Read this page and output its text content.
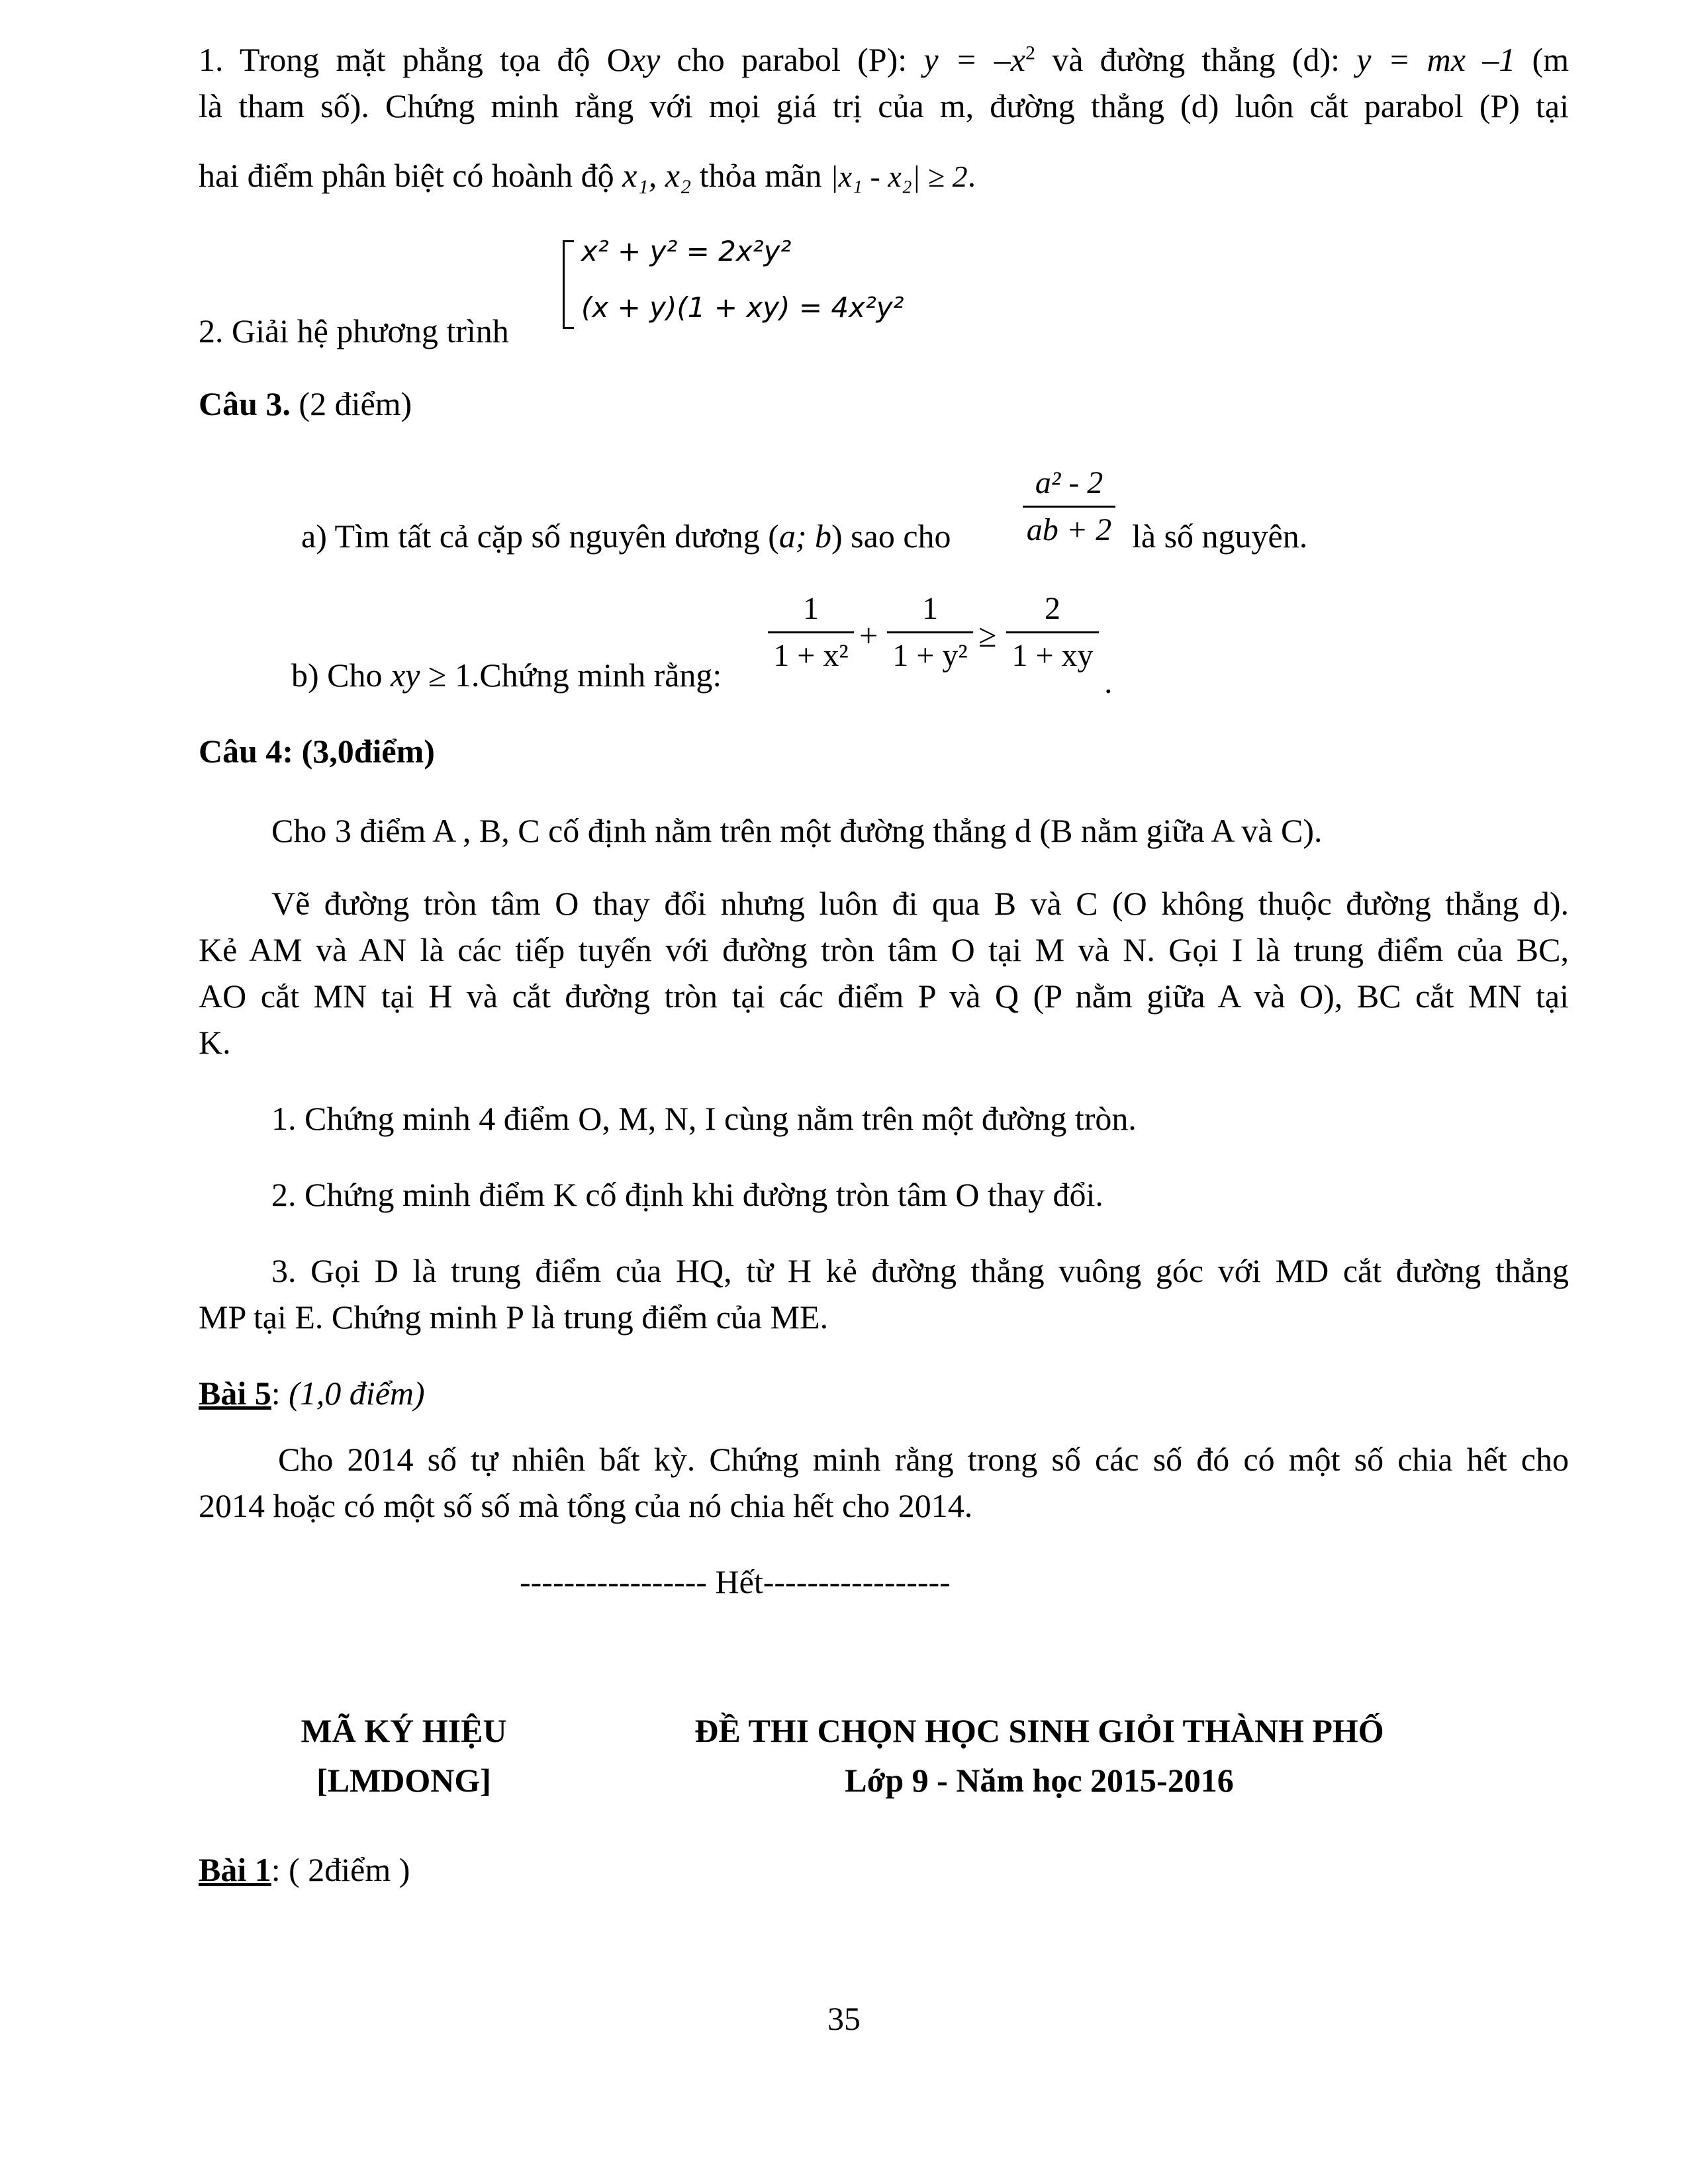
1. Trong mặt phẳng tọa độ Oxy cho parabol (P): $y = -x^2$ và đường thẳng (d): y = mx –1 (m
là tham số). Chứng minh rằng với mọi giá trị của m, đường thẳng (d) luôn cắt parabol (P) tại
hai điểm phân biệt có hoành độ x₁, x₂ thỏa mãn |x₁ - x₂| ≥ 2.
2. Giải hệ phương trình
x² + y² = 2x²y²
(x + y)(1 + xy) = 4x²y²
Câu 3. (2 điểm)
a) Tìm tất cả cặp số nguyên dương (a; b) sao cho
a² - 2
ab + 2 là số nguyên.
b) Cho xy ≥ 1.Chứng minh rằng:
1
1 + x²
+
1
1 + y²
≥
2
1 + xy
.
Câu 4: (3,0điểm)
Cho 3 điểm A , B, C cố định nằm trên một đường thẳng d (B nằm giữa A và C).
Vẽ đường tròn tâm O thay đổi nhưng luôn đi qua B và C (O không thuộc đường thẳng d).
Kẻ AM và AN là các tiếp tuyến với đường tròn tâm O tại M và N. Gọi I là trung điểm của BC,
AO cắt MN tại H và cắt đường tròn tại các điểm P và Q (P nằm giữa A và O), BC cắt MN tại
K.
1. Chứng minh 4 điểm O, M, N, I cùng nằm trên một đường tròn.
2. Chứng minh điểm K cố định khi đường tròn tâm O thay đổi.
3. Gọi D là trung điểm của HQ, từ H kẻ đường thẳng vuông góc với MD cắt đường thẳng
MP tại E. Chứng minh P là trung điểm của ME.
Bài 5: (1,0 điểm)
Cho 2014 số tự nhiên bất kỳ. Chứng minh rằng trong số các số đó có một số chia hết cho
2014 hoặc có một số số mà tổng của nó chia hết cho 2014.
----------------- Hết-----------------
MÃ KÝ HIỆU
[LMDONG]
ĐỀ THI CHỌN HỌC SINH GIỎI THÀNH PHỐ
Lớp 9 - Năm học 2015-2016
Bài 1: ( 2điểm )
35
